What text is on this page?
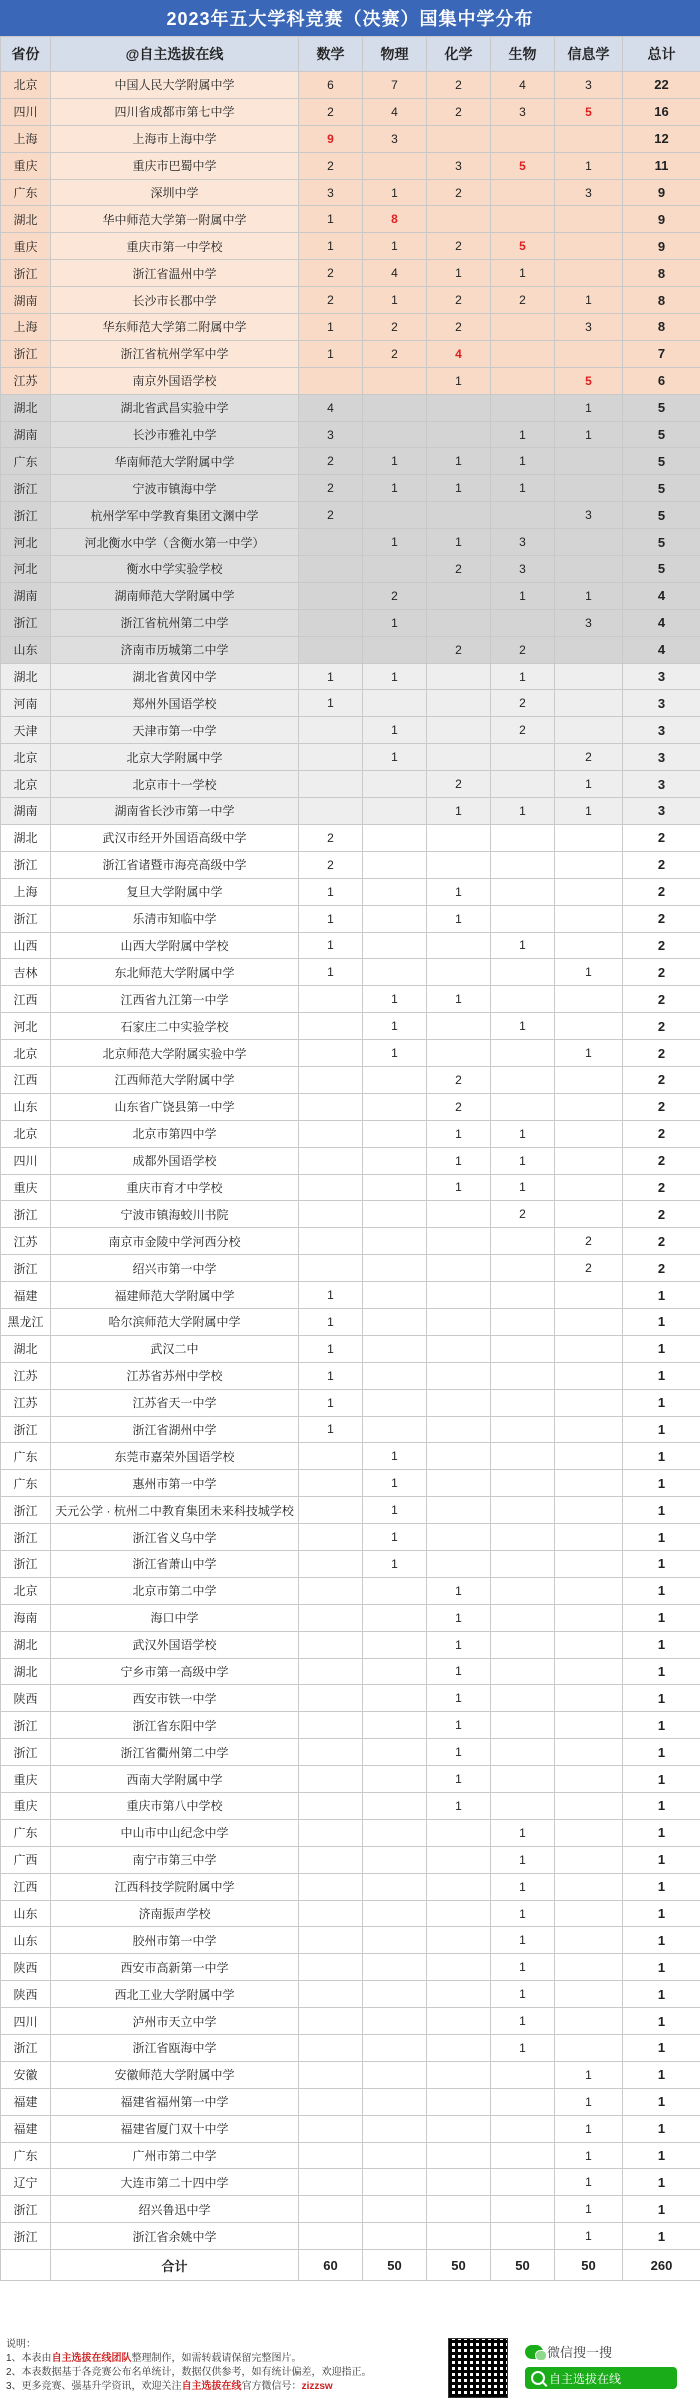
2023年五大学科竞赛（决赛）国集中学分布
省份	@自主选拔在线	数学	物理	化学	生物	信息学	总计
北京	中国人民大学附属中学	6	7	2	4	3	22
四川	四川省成都市第七中学	2	4	2	3	5	16
上海	上海市上海中学	9	3				12
重庆	重庆市巴蜀中学	2		3	5	1	11
广东	深圳中学	3	1	2		3	9
湖北	华中师范大学第一附属中学	1	8				9
重庆	重庆市第一中学校	1	1	2	5		9
浙江	浙江省温州中学	2	4	1	1		8
湖南	长沙市长郡中学	2	1	2	2	1	8
上海	华东师范大学第二附属中学	1	2	2		3	8
浙江	浙江省杭州学军中学	1	2	4			7
江苏	南京外国语学校			1		5	6
湖北	湖北省武昌实验中学	4				1	5
湖南	长沙市雅礼中学	3			1	1	5
广东	华南师范大学附属中学	2	1	1	1		5
浙江	宁波市镇海中学	2	1	1	1		5
浙江	杭州学军中学教育集团文渊中学	2				3	5
河北	河北衡水中学（含衡水第一中学）		1	1	3		5
河北	衡水中学实验学校			2	3		5
湖南	湖南师范大学附属中学		2		1	1	4
浙江	浙江省杭州第二中学		1			3	4
山东	济南市历城第二中学			2	2		4
湖北	湖北省黄冈中学	1	1		1		3
河南	郑州外国语学校	1			2		3
天津	天津市第一中学		1		2		3
北京	北京大学附属中学		1			2	3
北京	北京市十一学校			2		1	3
湖南	湖南省长沙市第一中学			1	1	1	3
湖北	武汉市经开外国语高级中学	2					2
浙江	浙江省诸暨市海亮高级中学	2					2
上海	复旦大学附属中学	1		1			2
浙江	乐清市知临中学	1		1			2
山西	山西大学附属中学校	1			1		2
吉林	东北师范大学附属中学	1				1	2
江西	江西省九江第一中学		1	1			2
河北	石家庄二中实验学校		1		1		2
北京	北京师范大学附属实验中学		1			1	2
江西	江西师范大学附属中学			2			2
山东	山东省广饶县第一中学			2			2
北京	北京市第四中学			1	1		2
四川	成都外国语学校			1	1		2
重庆	重庆市育才中学校			1	1		2
浙江	宁波市镇海蛟川书院				2		2
江苏	南京市金陵中学河西分校					2	2
浙江	绍兴市第一中学					2	2
福建	福建师范大学附属中学	1					1
黑龙江	哈尔滨师范大学附属中学	1					1
湖北	武汉二中	1					1
江苏	江苏省苏州中学校	1					1
江苏	江苏省天一中学	1					1
浙江	浙江省湖州中学	1					1
广东	东莞市嘉荣外国语学校		1				1
广东	惠州市第一中学		1				1
浙江	天元公学 · 杭州二中教育集团未来科技城学校		1				1
浙江	浙江省义乌中学		1				1
浙江	浙江省萧山中学		1				1
北京	北京市第二中学			1			1
海南	海口中学			1			1
湖北	武汉外国语学校			1			1
湖北	宁乡市第一高级中学			1			1
陕西	西安市铁一中学			1			1
浙江	浙江省东阳中学			1			1
浙江	浙江省衢州第二中学			1			1
重庆	西南大学附属中学			1			1
重庆	重庆市第八中学校			1			1
广东	中山市中山纪念中学				1		1
广西	南宁市第三中学				1		1
江西	江西科技学院附属中学				1		1
山东	济南振声学校				1		1
山东	胶州市第一中学				1		1
陕西	西安市高新第一中学				1		1
陕西	西北工业大学附属中学				1		1
四川	泸州市天立中学				1		1
浙江	浙江省瓯海中学				1		1
安徽	安徽师范大学附属中学					1	1
福建	福建省福州第一中学					1	1
福建	福建省厦门双十中学					1	1
广东	广州市第二中学					1	1
辽宁	大连市第二十四中学					1	1
浙江	绍兴鲁迅中学					1	1
浙江	浙江省余姚中学					1	1
	合计	60	50	50	50	50	260
说明：
1、本表由自主选拔在线团队整理制作，如需转载请保留完整图片。
2、本表数据基于各竞赛公布名单统计，数据仅供参考，如有统计偏差，欢迎指正。
3、更多竞赛、强基升学资讯，欢迎关注自主选拔在线官方微信号：zizzsw
微信搜一搜
自主选拔在线
